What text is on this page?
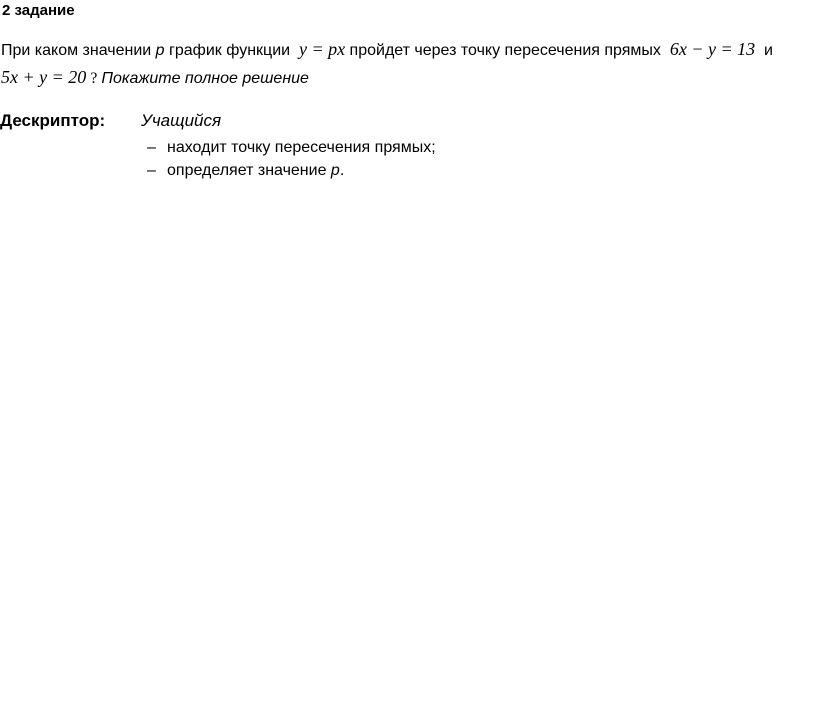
2 задание
При каком значении p график функции  y = px пройдет через точку пересечения прямых  6x − y = 13  и
5x + y = 20 ? Покажите полное решение
Дескриптор: Учащийся
– находит точку пересечения прямых;
– определяет значение p.
